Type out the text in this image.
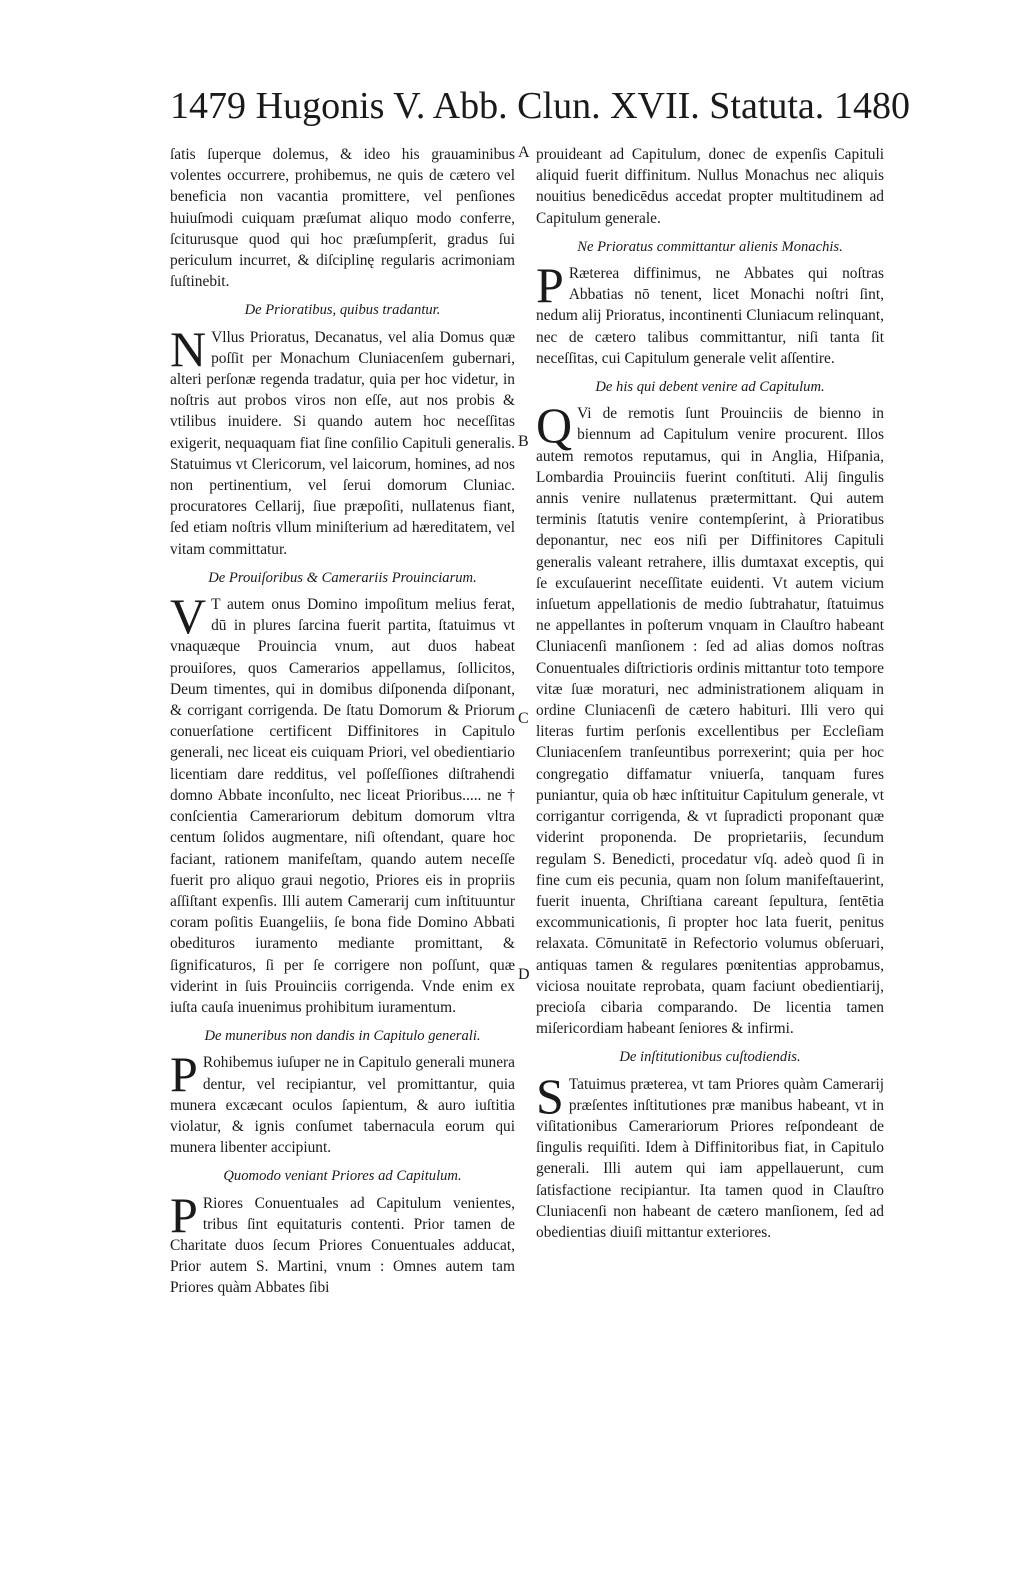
1479 Hugonis V. Abb. Clun. XVII. Statuta. 1480
A
B
C
D

ſatis ſuperque dolemus, & ideo his grauaminibus volentes occurrere, prohibemus, ne quis de cætero vel beneficia non vacantia promittere, vel penſiones huiuſmodi cuiquam præſumat aliquo modo conferre, ſciturusque quod qui hoc præſumpſerit, gradus ſui periculum incurret, & diſciplinę regularis acrimoniam ſuſtinebit.

De Prioratibus, quibus tradantur.

N Vllus Prioratus, Decanatus, vel alia Domus quæ poſſit per Monachum Cluniacenſem gubernari, alteri perſonæ regenda tradatur, quia per hoc videtur, in noſtris aut probos viros non eſſe, aut nos probis & vtilibus inuidere. Si quando autem hoc neceſſitas exigerit, nequaquam fiat ſine conſilio Capituli generalis. Statuimus vt Clericorum, vel laicorum, homines, ad nos non pertinentium, vel ſerui domorum Cluniac. procuratores Cellarij, ſiue præpoſiti, nullatenus fiant, ſed etiam noſtris vllum miniſterium ad hæreditatem, vel vitam committatur.

De Prouiſoribus & Camerariis Prouinciarum.

V T autem onus Domino impoſitum melius ferat, dū in plures ſarcina fuerit partita, ſtatuimus vt vnaquæque Prouincia vnum, aut duos habeat prouiſores, quos Camerarios appellamus, ſollicitos, Deum timentes, qui in domibus diſponenda diſponant, & corrigant corrigenda. De ſtatu Domorum & Priorum conuerſatione certificent Diffinitores in Capitulo generali, nec liceat eis cuiquam Priori, vel obedientiario licentiam dare redditus, vel poſſeſſiones diſtrahendi domno Abbate inconſulto, nec liceat Prioribus..... ne † conſcientia Camerariorum debitum domorum vltra centum ſolidos augmentare, niſi oſtendant, quare hoc faciant, rationem manifeſtam, quando autem neceſſe fuerit pro aliquo graui negotio, Priores eis in propriis aſſiſtant expenſis. Illi autem Camerarij cum inſtituuntur coram poſitis Euangeliis, ſe bona fide Domino Abbati obedituros iuramento mediante promittant, & ſignificaturos, ſi per ſe corrigere non poſſunt, quæ viderint in ſuis Prouinciis corrigenda. Vnde enim ex iuſta cauſa inuenimus prohibitum iuramentum.

De muneribus non dandis in Capitulo generali.

P Rohibemus iuſuper ne in Capitulo generali munera dentur, vel recipiantur, vel promittantur, quia munera excæcant oculos ſapientum, & auro iuſtitia violatur, & ignis conſumet tabernacula eorum qui munera libenter accipiunt.

Quomodo veniant Priores ad Capitulum.

P Riores Conuentuales ad Capitulum venientes, tribus ſint equitaturis contenti. Prior tamen de Charitate duos ſecum Priores Conuentuales adducat, Prior autem S. Martini, vnum : Omnes autem tam Priores quàm Abbates ſibi

prouideant ad Capitulum, donec de expenſis Capituli aliquid fuerit diffinitum. Nullus Monachus nec aliquis nouitius benedicēdus accedat propter multitudinem ad Capitulum generale.

Ne Prioratus committantur alienis Monachis.

P Ræterea diffinimus, ne Abbates qui noſtras Abbatias nō tenent, licet Monachi noſtri ſint, nedum alij Prioratus, incontinenti Cluniacum relinquant, nec de cætero talibus committantur, niſi tanta ſit neceſſitas, cui Capitulum generale velit aſſentire.

De his qui debent venire ad Capitulum.

Q Vi de remotis ſunt Prouinciis de bienno in biennum ad Capitulum venire procurent. Illos autem remotos reputamus, qui in Anglia, Hiſpania, Lombardia Prouinciis fuerint conſtituti. Alij ſingulis annis venire nullatenus prætermittant. Qui autem terminis ſtatutis venire contempſerint, à Prioratibus deponantur, nec eos niſi per Diffinitores Capituli generalis valeant retrahere, illis dumtaxat exceptis, qui ſe excuſauerint neceſſitate euidenti. Vt autem vicium inſuetum appellationis de medio ſubtrahatur, ſtatuimus ne appellantes in poſterum vnquam in Clauſtro habeant Cluniacenſi manſionem : ſed ad alias domos noſtras Conuentuales diſtrictioris ordinis mittantur toto tempore vitæ ſuæ moraturi, nec administrationem aliquam in ordine Cluniacenſi de cætero habituri. Illi vero qui literas furtim perſonis excellentibus per Eccleſiam Cluniacenſem tranſeuntibus porrexerint; quia per hoc congregatio diffamatur vniuerſa, tanquam fures puniantur, quia ob hæc inſtituitur Capitulum generale, vt corrigantur corrigenda, & vt ſupradicti proponant quæ viderint proponenda. De proprietariis, ſecundum regulam S. Benedicti, procedatur vſq. adeò quod ſi in fine cum eis pecunia, quam non ſolum manifeſtauerint, fuerit inuenta, Chriſtiana careant ſepultura, ſentētia excommunicationis, ſi propter hoc lata fuerit, penitus relaxata. Cōmunitatē in Refectorio volumus obſeruari, antiquas tamen & regulares pœnitentias approbamus, viciosa nouitate reprobata, quam faciunt obedientiarij, precioſa cibaria comparando. De licentia tamen miſericordiam habeant ſeniores & infirmi.

De inſtitutionibus cuſtodiendis.

S Tatuimus præterea, vt tam Priores quàm Camerarij præſentes inſtitutiones præ manibus habeant, vt in viſitationibus Camerariorum Priores reſpondeant de ſingulis requiſiti. Idem à Diffinitoribus fiat, in Capitulo generali. Illi autem qui iam appellauerunt, cum ſatisfactione recipiantur. Ita tamen quod in Clauſtro Cluniacenſi non habeant de cætero manſionem, ſed ad obedientias diuiſi mittantur exteriores.
